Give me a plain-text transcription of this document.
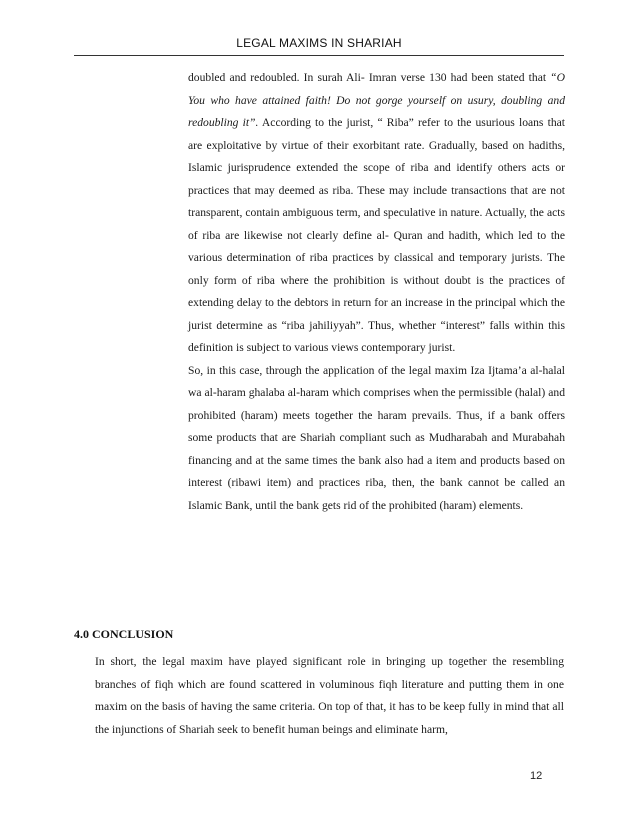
LEGAL MAXIMS IN SHARIAH

doubled and redoubled. In surah Ali- Imran verse 130 had been stated that “O You who have attained faith! Do not gorge yourself on usury, doubling and redoubling it”. According to the jurist, “ Riba” refer to the usurious loans that are exploitative by virtue of their exorbitant rate. Gradually, based on hadiths, Islamic jurisprudence extended the scope of riba and identify others acts or practices that may deemed as riba. These may include transactions that are not transparent, contain ambiguous term, and speculative in nature. Actually, the acts of riba are likewise not clearly define al- Quran and hadith, which led to the various determination of riba practices by classical and temporary jurists. The only form of riba where the prohibition is without doubt is the practices of extending delay to the debtors in return for an increase in the principal which the jurist determine as “riba jahiliyyah”. Thus, whether “interest” falls within this definition is subject to various views contemporary jurist.

So, in this case, through the application of the legal maxim Iza Ijtama’a al-halal wa al-haram ghalaba al-haram which comprises when the permissible (halal) and prohibited (haram) meets together the haram prevails. Thus, if a bank offers some products that are Shariah compliant such as Mudharabah and Murabahah financing and at the same times the bank also had a item and products based on interest (ribawi item) and practices riba, then, the bank cannot be called an Islamic Bank, until the bank gets rid of the prohibited (haram) elements.

4.0 CONCLUSION

In short, the legal maxim have played significant role in bringing up together the resembling branches of fiqh which are found scattered in voluminous fiqh literature and putting them in one maxim on the basis of having the same criteria. On top of that, it has to be keep fully in mind that all the injunctions of Shariah seek to benefit human beings and eliminate harm,

12
